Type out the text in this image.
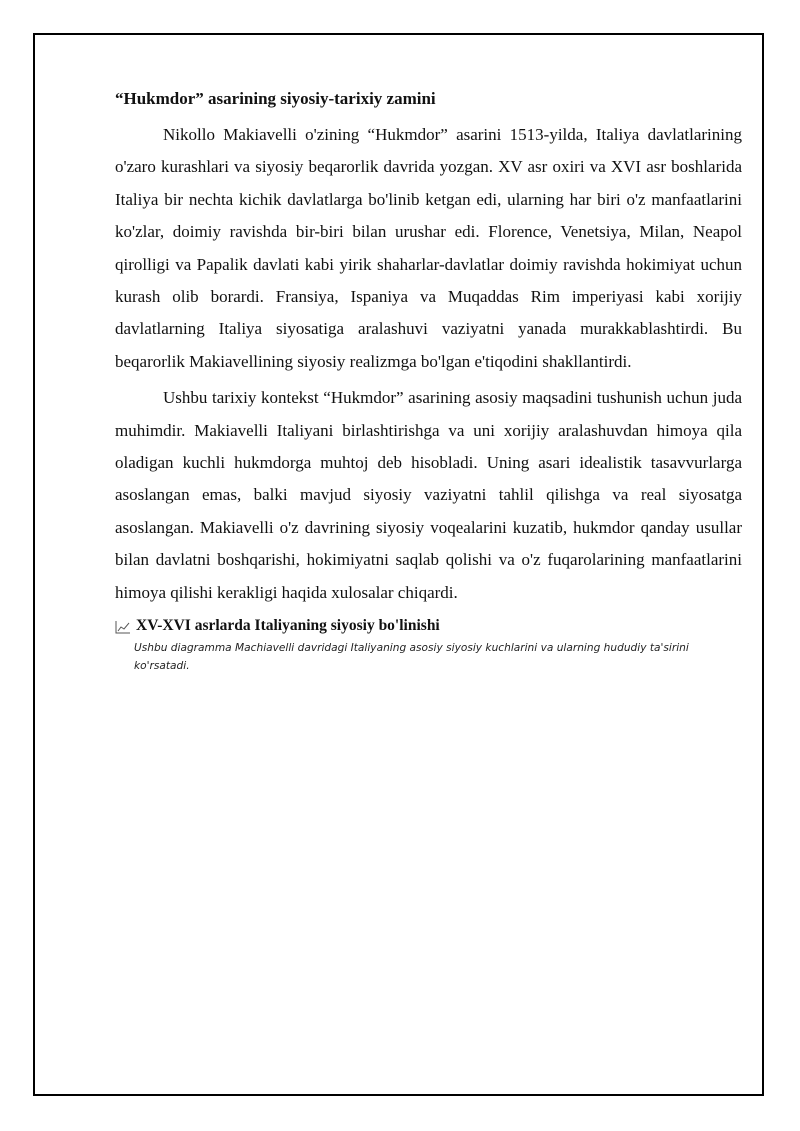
“Hukmdor” asarining siyosiy-tarixiy zamini

Nikollo Makiavelli o'zining “Hukmdor” asarini 1513-yilda, Italiya davlatlarining o'zaro kurashlari va siyosiy beqarorlik davrida yozgan. XV asr oxiri va XVI asr boshlarida Italiya bir nechta kichik davlatlarga bo'linib ketgan edi, ularning har biri o'z manfaatlarini ko'zlar, doimiy ravishda bir-biri bilan urushar edi. Florence, Venetsiya, Milan, Neapol qirolligi va Papalik davlati kabi yirik shaharlar-davlatlar doimiy ravishda hokimiyat uchun kurash olib borardi. Fransiya, Ispaniya va Muqaddas Rim imperiyasi kabi xorijiy davlatlarning Italiya siyosatiga aralashuvi vaziyatni yanada murakkablashtirdi. Bu beqarorlik Makiavellining siyosiy realizmga bo'lgan e'tiqodini shakllantirdi.

Ushbu tarixiy kontekst “Hukmdor” asarining asosiy maqsadini tushunish uchun juda muhimdir. Makiavelli Italiyani birlashtirishga va uni xorijiy aralashuvdan himoya qila oladigan kuchli hukmdorga muhtoj deb hisobladi. Uning asari idealistik tasavvurlarga asoslangan emas, balki mavjud siyosiy vaziyatni tahlil qilishga va real siyosatga asoslangan. Makiavelli o'z davrining siyosiy voqealarini kuzatib, hukmdor qanday usullar bilan davlatni boshqarishi, hokimiyatni saqlab qolishi va o'z fuqarolarining manfaatlarini himoya qilishi kerakligi haqida xulosalar chiqardi.

XV-XVI asrlarda Italiyaning siyosiy bo'linishi
Ushbu diagramma Machiavelli davridagi Italiyaning asosiy siyosiy kuchlarini va ularning hududiy ta'sirini ko'rsatadi.
